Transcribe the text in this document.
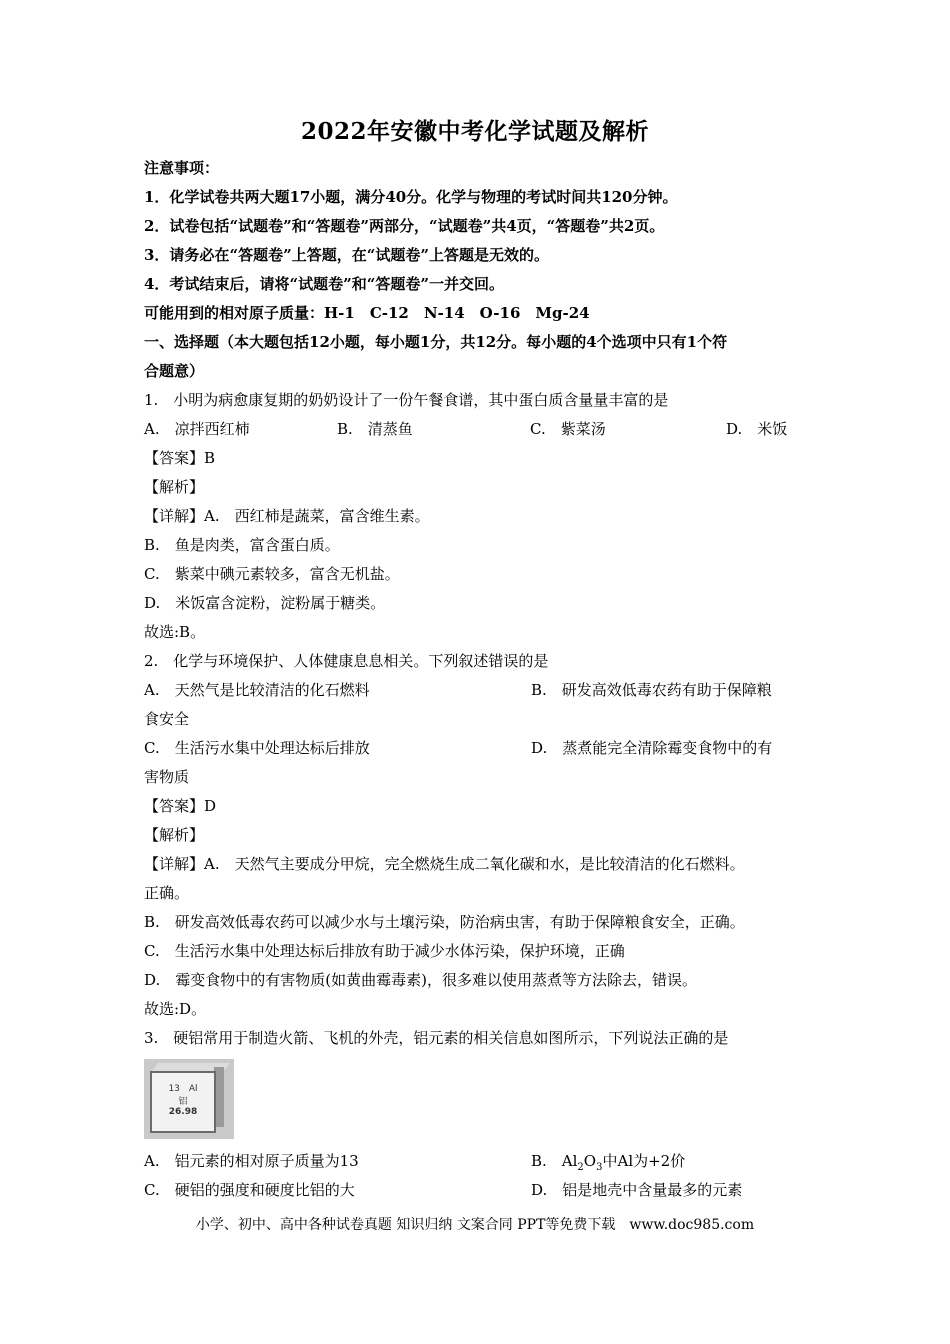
2022年安徽中考化学试题及解析
注意事项：
1．化学试卷共两大题17小题，满分40分。化学与物理的考试时间共120分钟。
2．试卷包括“试题卷”和“答题卷”两部分，“试题卷”共4页，“答题卷”共2页。
3．请务必在“答题卷”上答题，在“试题卷”上答题是无效的。
4．考试结束后，请将“试题卷”和“答题卷”一并交回。
可能用到的相对原子质量：H-1　C-12　N-14　O-16　Mg-24
一、选择题（本大题包括12小题，每小题1分，共12分。每小题的4个选项中只有1个符
合题意）
1.　小明为病愈康复期的奶奶设计了一份午餐食谱，其中蛋白质含量量丰富的是
A.　凉拌西红柿	B.　清蒸鱼	C.　紫菜汤	D.　米饭
【答案】B
【解析】
【详解】A.　西红柿是蔬菜，富含维生素。
B.　鱼是肉类，富含蛋白质。
C.　紫菜中碘元素较多，富含无机盐。
D.　米饭富含淀粉，淀粉属于糖类。
故选:B。
2.　化学与环境保护、人体健康息息相关。下列叙述错误的是
A.　天然气是比较清洁的化石燃料	B.　研发高效低毒农药有助于保障粮
食安全
C.　生活污水集中处理达标后排放	D.　蒸煮能完全清除霉变食物中的有
害物质
【答案】D
【解析】
【详解】A.　天然气主要成分甲烷，完全燃烧生成二氧化碳和水，是比较清洁的化石燃料。
正确。
B.　研发高效低毒农药可以减少水与土壤污染，防治病虫害，有助于保障粮食安全，正确。
C.　生活污水集中处理达标后排放有助于减少水体污染，保护环境，正确
D.　霉变食物中的有害物质(如黄曲霉毒素)，很多难以使用蒸煮等方法除去，错误。
故选:D。
3.　硬铝常用于制造火箭、飞机的外壳，铝元素的相关信息如图所示，下列说法正确的是
13　Al
铝
26.98
A.　铝元素的相对原子质量为13	B.　$Al_2O_3$中Al为+2价
C.　硬铝的强度和硬度比铝的大	D.　铝是地壳中含量最多的元素
小学、初中、高中各种试卷真题 知识归纳 文案合同 PPT等免费下载　www.doc985.com
